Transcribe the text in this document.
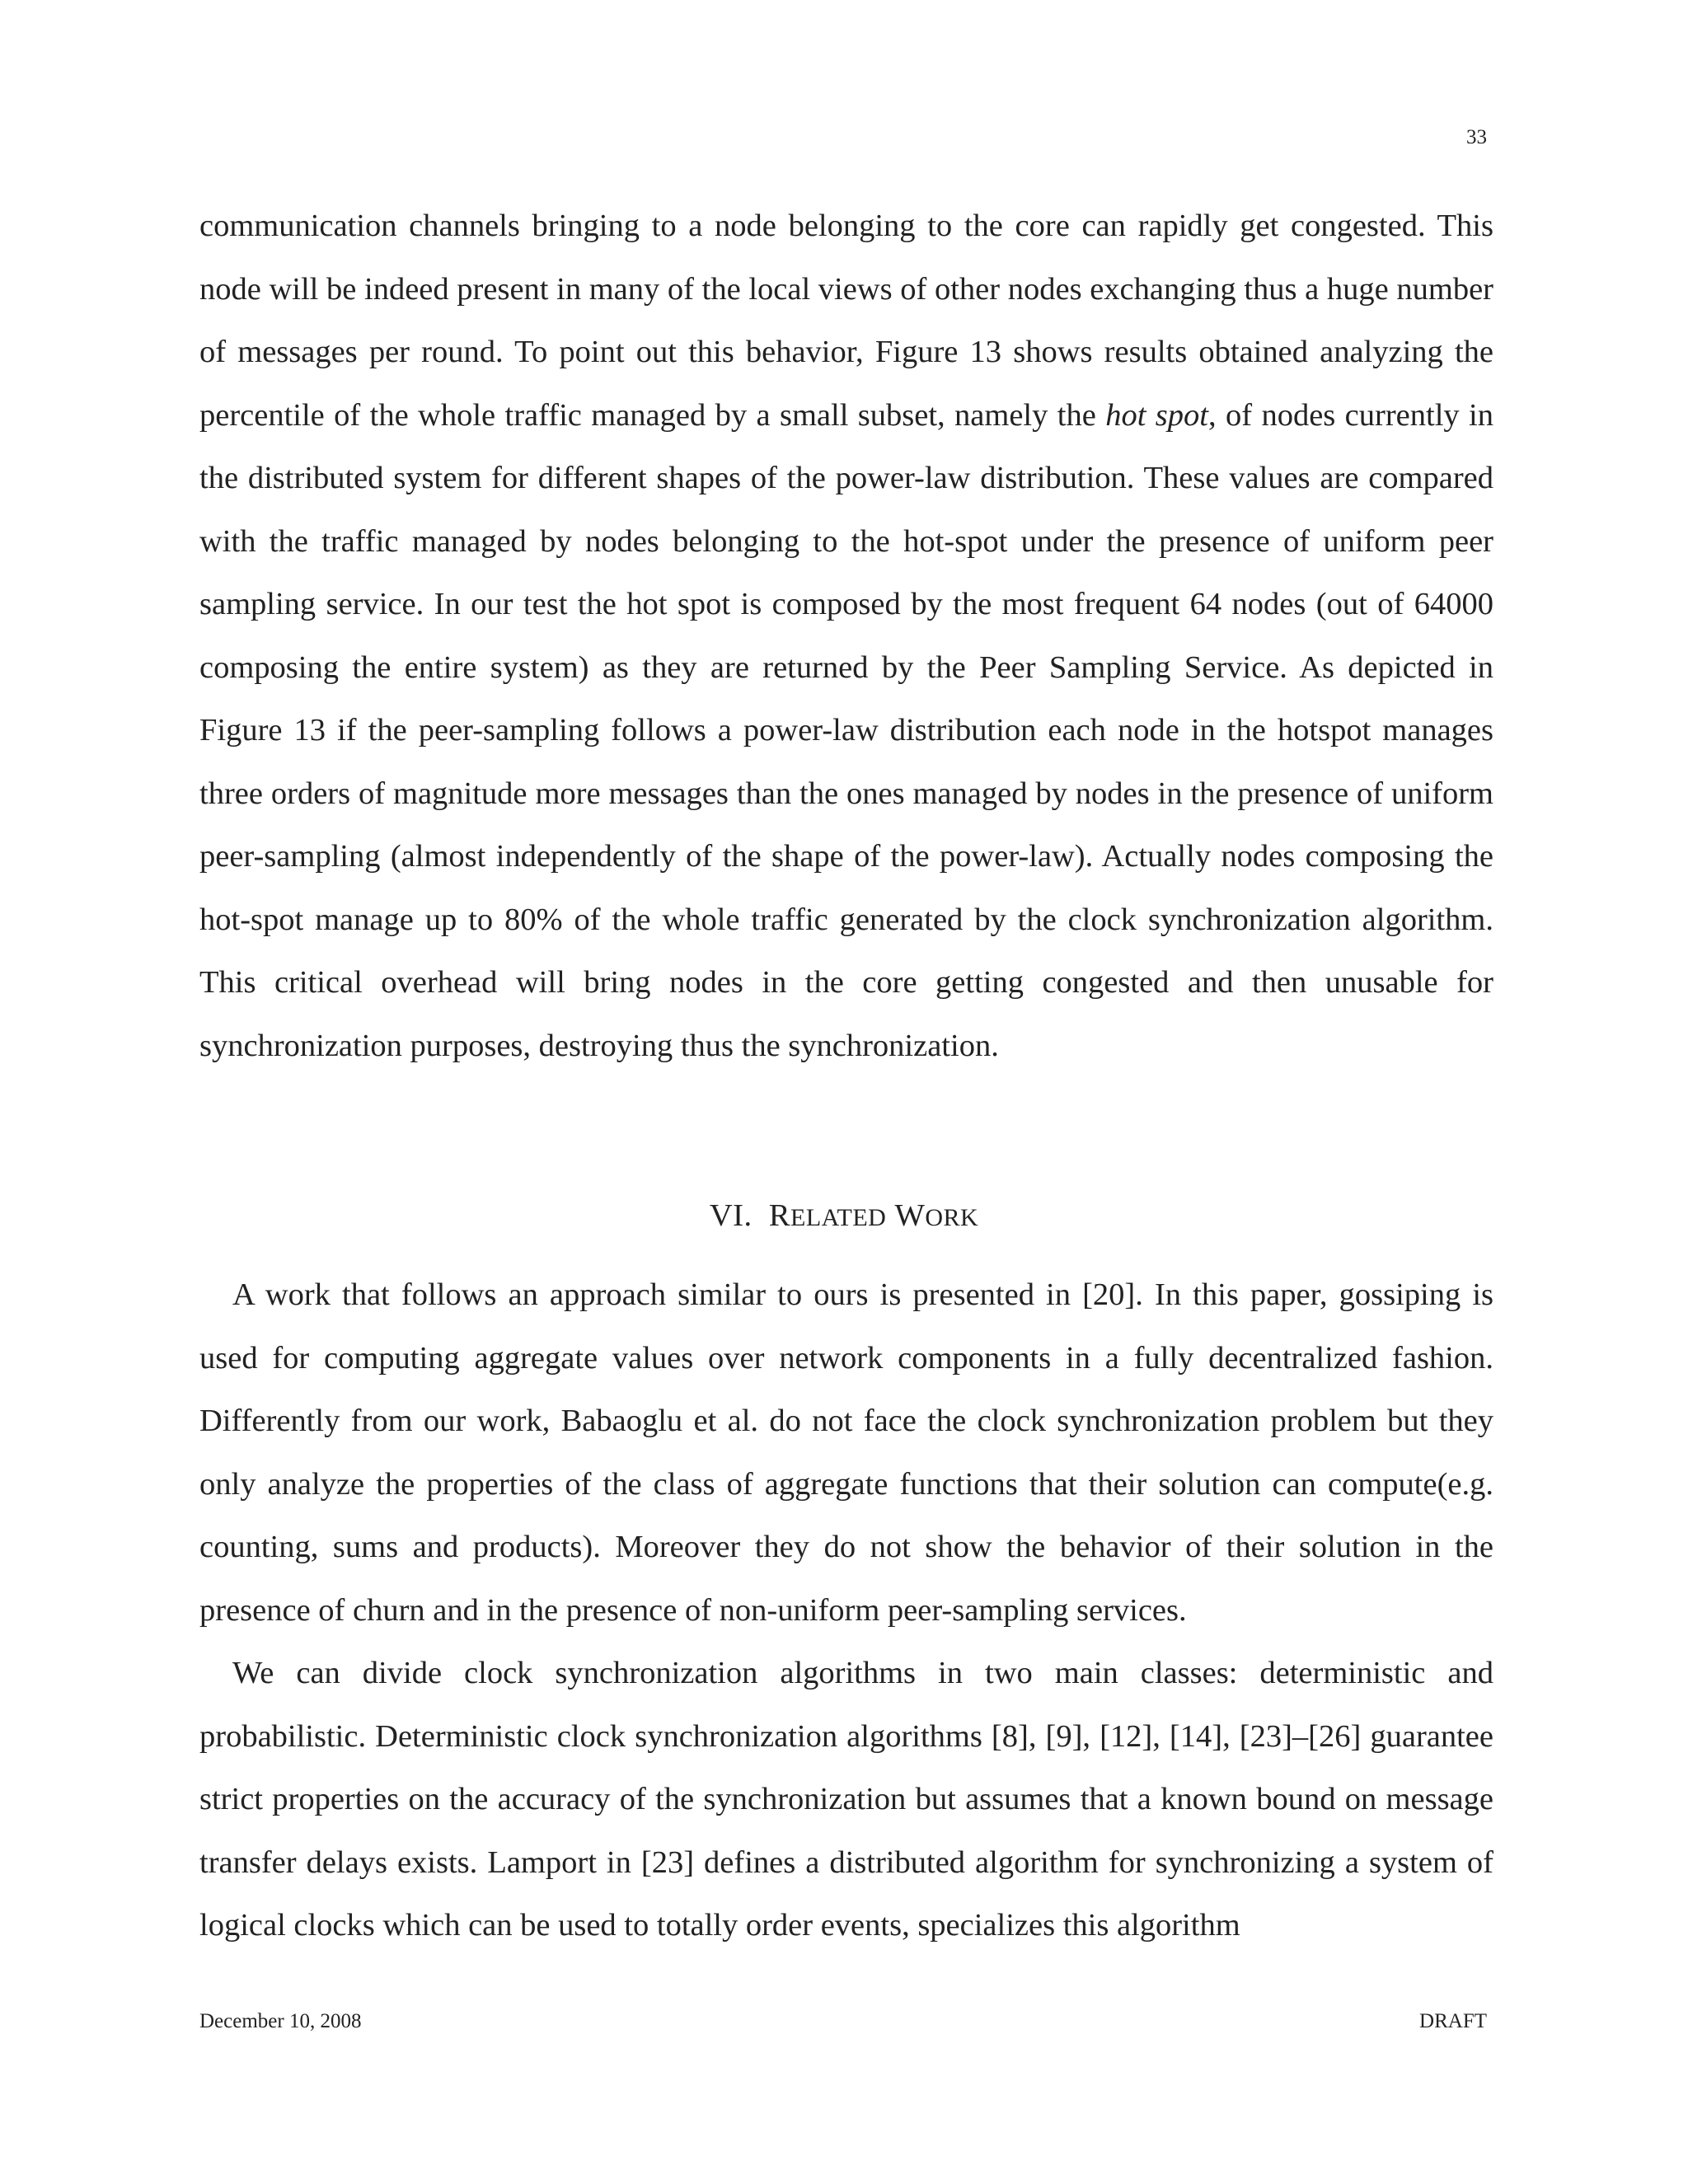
33

communication channels bringing to a node belonging to the core can rapidly get congested. This node will be indeed present in many of the local views of other nodes exchanging thus a huge number of messages per round. To point out this behavior, Figure 13 shows results obtained analyzing the percentile of the whole traffic managed by a small subset, namely the hot spot, of nodes currently in the distributed system for different shapes of the power-law distribution. These values are compared with the traffic managed by nodes belonging to the hot-spot under the presence of uniform peer sampling service. In our test the hot spot is composed by the most frequent 64 nodes (out of 64000 composing the entire system) as they are returned by the Peer Sampling Service. As depicted in Figure 13 if the peer-sampling follows a power-law distribution each node in the hotspot manages three orders of magnitude more messages than the ones managed by nodes in the presence of uniform peer-sampling (almost independently of the shape of the power-law). Actually nodes composing the hot-spot manage up to 80% of the whole traffic generated by the clock synchronization algorithm. This critical overhead will bring nodes in the core getting congested and then unusable for synchronization purposes, destroying thus the synchronization.

VI. RELATED WORK

A work that follows an approach similar to ours is presented in [20]. In this paper, gossiping is used for computing aggregate values over network components in a fully decentralized fashion. Differently from our work, Babaoglu et al. do not face the clock synchronization problem but they only analyze the properties of the class of aggregate functions that their solution can compute(e.g. counting, sums and products). Moreover they do not show the behavior of their solution in the presence of churn and in the presence of non-uniform peer-sampling services.

We can divide clock synchronization algorithms in two main classes: deterministic and probabilistic. Deterministic clock synchronization algorithms [8], [9], [12], [14], [23]–[26] guarantee strict properties on the accuracy of the synchronization but assumes that a known bound on message transfer delays exists. Lamport in [23] defines a distributed algorithm for synchronizing a system of logical clocks which can be used to totally order events, specializes this algorithm

December 10, 2008	DRAFT
